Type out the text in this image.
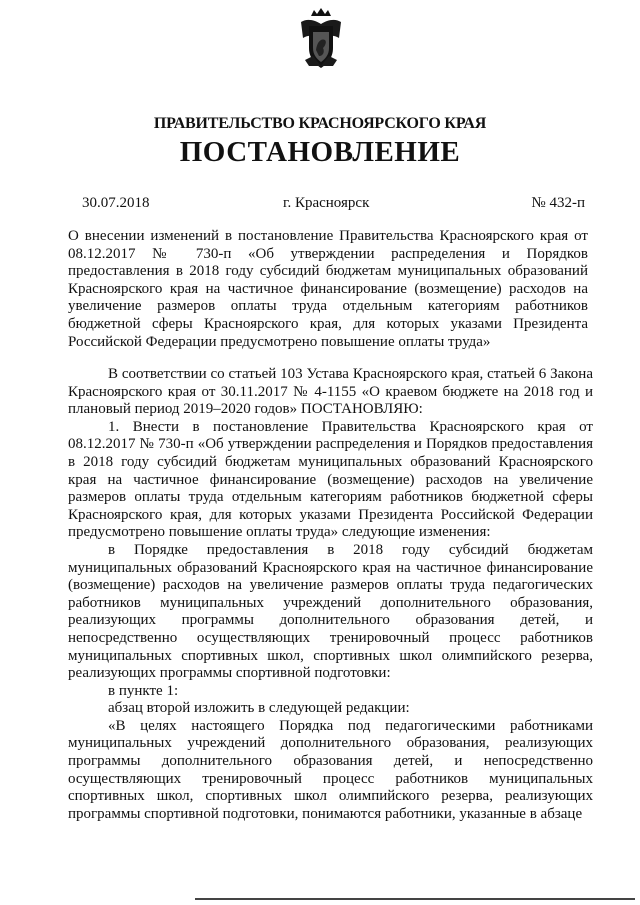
ПРАВИТЕЛЬСТВО КРАСНОЯРСКОГО КРАЯ
ПОСТАНОВЛЕНИЕ
30.07.2018	г. Красноярск	№ 432-п
О внесении изменений в постановление Правительства Красноярского края от 08.12.2017 № 730-п «Об утверждении распределения и Порядков предоставления в 2018 году субсидий бюджетам муниципальных образований Красноярского края на частичное финансирование (возмещение) расходов на увеличение размеров оплаты труда отдельным категориям работников бюджетной сферы Красноярского края, для которых указами Президента Российской Федерации предусмотрено повышение оплаты труда»

В соответствии со статьей 103 Устава Красноярского края, статьей 6 Закона Красноярского края от 30.11.2017 № 4-1155 «О краевом бюджете на 2018 год и плановый период 2019–2020 годов» ПОСТАНОВЛЯЮ:

1. Внести в постановление Правительства Красноярского края от 08.12.2017 № 730-п «Об утверждении распределения и Порядков предоставления в 2018 году субсидий бюджетам муниципальных образований Красноярского края на частичное финансирование (возмещение) расходов на увеличение размеров оплаты труда отдельным категориям работников бюджетной сферы Красноярского края, для которых указами Президента Российской Федерации предусмотрено повышение оплаты труда» следующие изменения:

в Порядке предоставления в 2018 году субсидий бюджетам муниципальных образований Красноярского края на частичное финансирование (возмещение) расходов на увеличение размеров оплаты труда педагогических работников муниципальных учреждений дополнительного образования, реализующих программы дополнительного образования детей, и непосредственно осуществляющих тренировочный процесс работников муниципальных спортивных школ, спортивных школ олимпийского резерва, реализующих программы спортивной подготовки:

в пункте 1:

абзац второй изложить в следующей редакции:

«В целях настоящего Порядка под педагогическими работниками муниципальных учреждений дополнительного образования, реализующих программы дополнительного образования детей, и непосредственно осуществляющих тренировочный процесс работников муниципальных спортивных школ, спортивных школ олимпийского резерва, реализующих программы спортивной подготовки, понимаются работники, указанные в абзаце
